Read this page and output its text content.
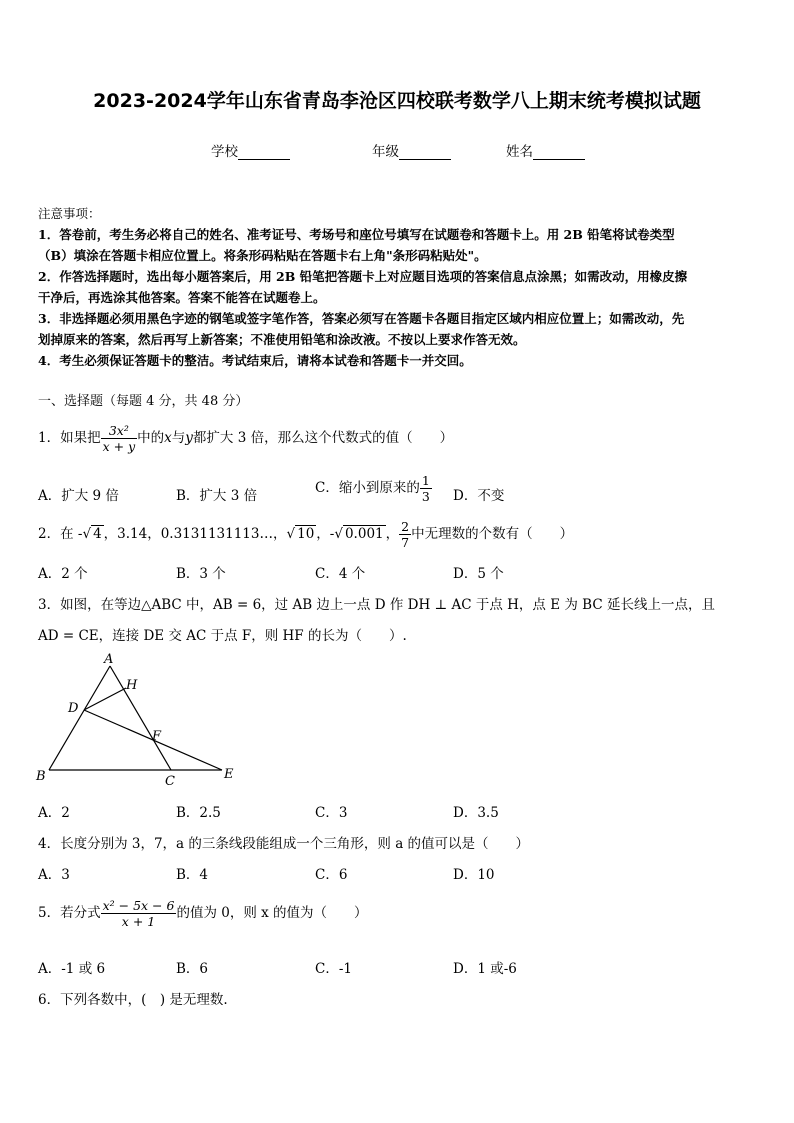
2023-2024学年山东省青岛李沧区四校联考数学八上期末统考模拟试题
学校	年级	姓名
注意事项：
1．答卷前，考生务必将自己的姓名、准考证号、考场号和座位号填写在试题卷和答题卡上。用 2B 铅笔将试卷类型
（B）填涂在答题卡相应位置上。将条形码粘贴在答题卡右上角"条形码粘贴处"。
2．作答选择题时，选出每小题答案后，用 2B 铅笔把答题卡上对应题目选项的答案信息点涂黑；如需改动，用橡皮擦
干净后，再选涂其他答案。答案不能答在试题卷上。
3．非选择题必须用黑色字迹的钢笔或签字笔作答，答案必须写在答题卡各题目指定区域内相应位置上；如需改动，先
划掉原来的答案，然后再写上新答案；不准使用铅笔和涂改液。不按以上要求作答无效。
4．考生必须保证答题卡的整洁。考试结束后，请将本试卷和答题卡一并交回。
一、选择题（每题 4 分，共 48 分）
1．如果把 $\frac{\text{3x²}}{x + y}$ 中的x与y都扩大 3 倍，那么这个代数式的值（　　）
A．扩大 9 倍	B．扩大 3 倍	C．缩小到原来的 $\frac{1}{3}$ D．不变
2．在 -√ 4 ，3.14，0.3131131113…，√ 10 ，-√ 0.001 ， $\frac{2}{7}$ 中无理数的个数有（　　）
A．2 个	B．3 个	C．4 个	D．5 个
3．如图，在等边△ABC 中，AB = 6，过 AB 边上一点 D 作 DH ⊥ AC 于点 H，点 E 为 BC 延长线上一点，且
AD = CE，连接 DE 交 AC 于点 F，则 HF 的长为（　　）.
A
H
D
F
B	C	E
A．2	B．2.5	C．3	D．3.5
4．长度分别为 3，7，a 的三条线段能组成一个三角形，则 a 的值可以是（　　）
A．3	B．4	C．6	D．10
5．若分式 $\frac{\text{x² − 5x − 6}}{x + 1}$ 的值为 0，则 x 的值为（　　）
A．-1 或 6	B．6	C．-1	D．1 或-6
6．下列各数中，(　) 是无理数.
